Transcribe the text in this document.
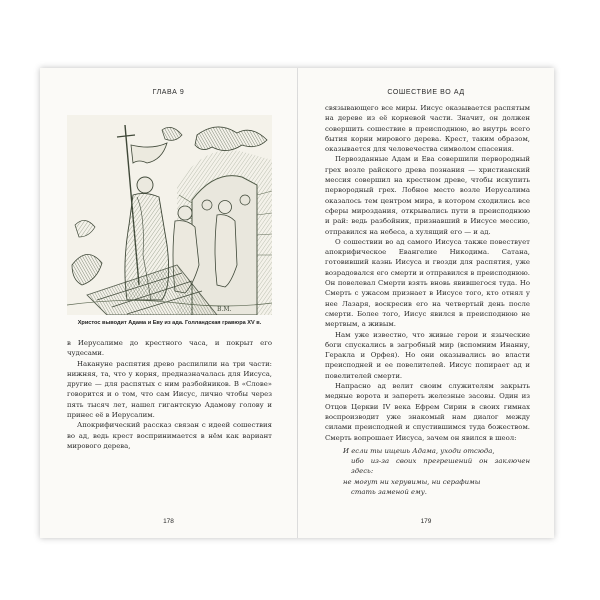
ГЛАВА 9
B.M.
Христос выводит Адама и Еву из ада. Голландская гравюра XV в.

в Иерусалиме до крестного часа, и покрыт его чудесами.

Накануне распятия древо распилили на три части: нижняя, та, что у корня, предназначалась для Иисуса, другие — для распятых с ним разбойников. В «Слове» говорится и о том, что сам Иисус, лично чтобы через пять тысяч лет, нашел гигантскую Адамову голову и принес её в Иерусалим.

Апокрифический рассказ связан с идеей сошествия во ад, ведь крест воспринимается в нём как вариант мирового дерева,

178
СОШЕСТВИЕ ВО АД

связывающего все миры. Иисус оказывается распятым на дереве из её корневой части. Значит, он должен совершить сошествие в преисподнюю, во внутрь всего бытия корни мирового дерева. Крест, таким образом, оказывается для человечества символом спасения.

Первозданные Адам и Ева совершили первородный грех возле райского древа познания — христианский мессия совершил на крестном древе, чтобы искупить первородный грех. Лобное место возле Иерусалима оказалось тем центром мира, в котором сходились все сферы мироздания, открывались пути в преисподнюю и рай: ведь разбойник, признавший в Иисусе мессию, отправился на небеса, а хулящий его — и ад.

О сошествии во ад самого Иисуса также повествует апокрифическое Евангелие Никодима. Сатана, готовивший казнь Иисуса и гвозди для распятия, уже возрадовался его смерти и отправился в преисподнюю. Он повелевал Смерти взять вновь явившегося туда. Но Смерть с ужасом признает в Иисусе того, кто отнял у нее Лазаря, воскресив его на четвертый день после смерти. Более того, Иисус явился в преисподнюю не мертвым, а живым.

Нам уже известно, что живые герои и языческие боги спускались в загробный мир (вспомним Инанну, Геракла и Орфея). Но они оказывались во власти преисподней и ее повелителей. Иисус попирает ад и повелителей смерти.

Напрасно ад велит своим служителям закрыть медные ворота и запереть железные засовы. Один из Отцов Церкви IV века Ефрем Сирин в своих гимнах воспроизводит уже знакомый нам диалог между силами преисподней и спустившимся туда божеством. Смерть вопрошает Иисуса, зачем он явился в шеол:

И если ты ищешь Адама, уходи отсюда,
ибо из-за своих прегрешений он заключен здесь:
не могут ни херувимы, ни серафимы
стать заменой ему.
179
